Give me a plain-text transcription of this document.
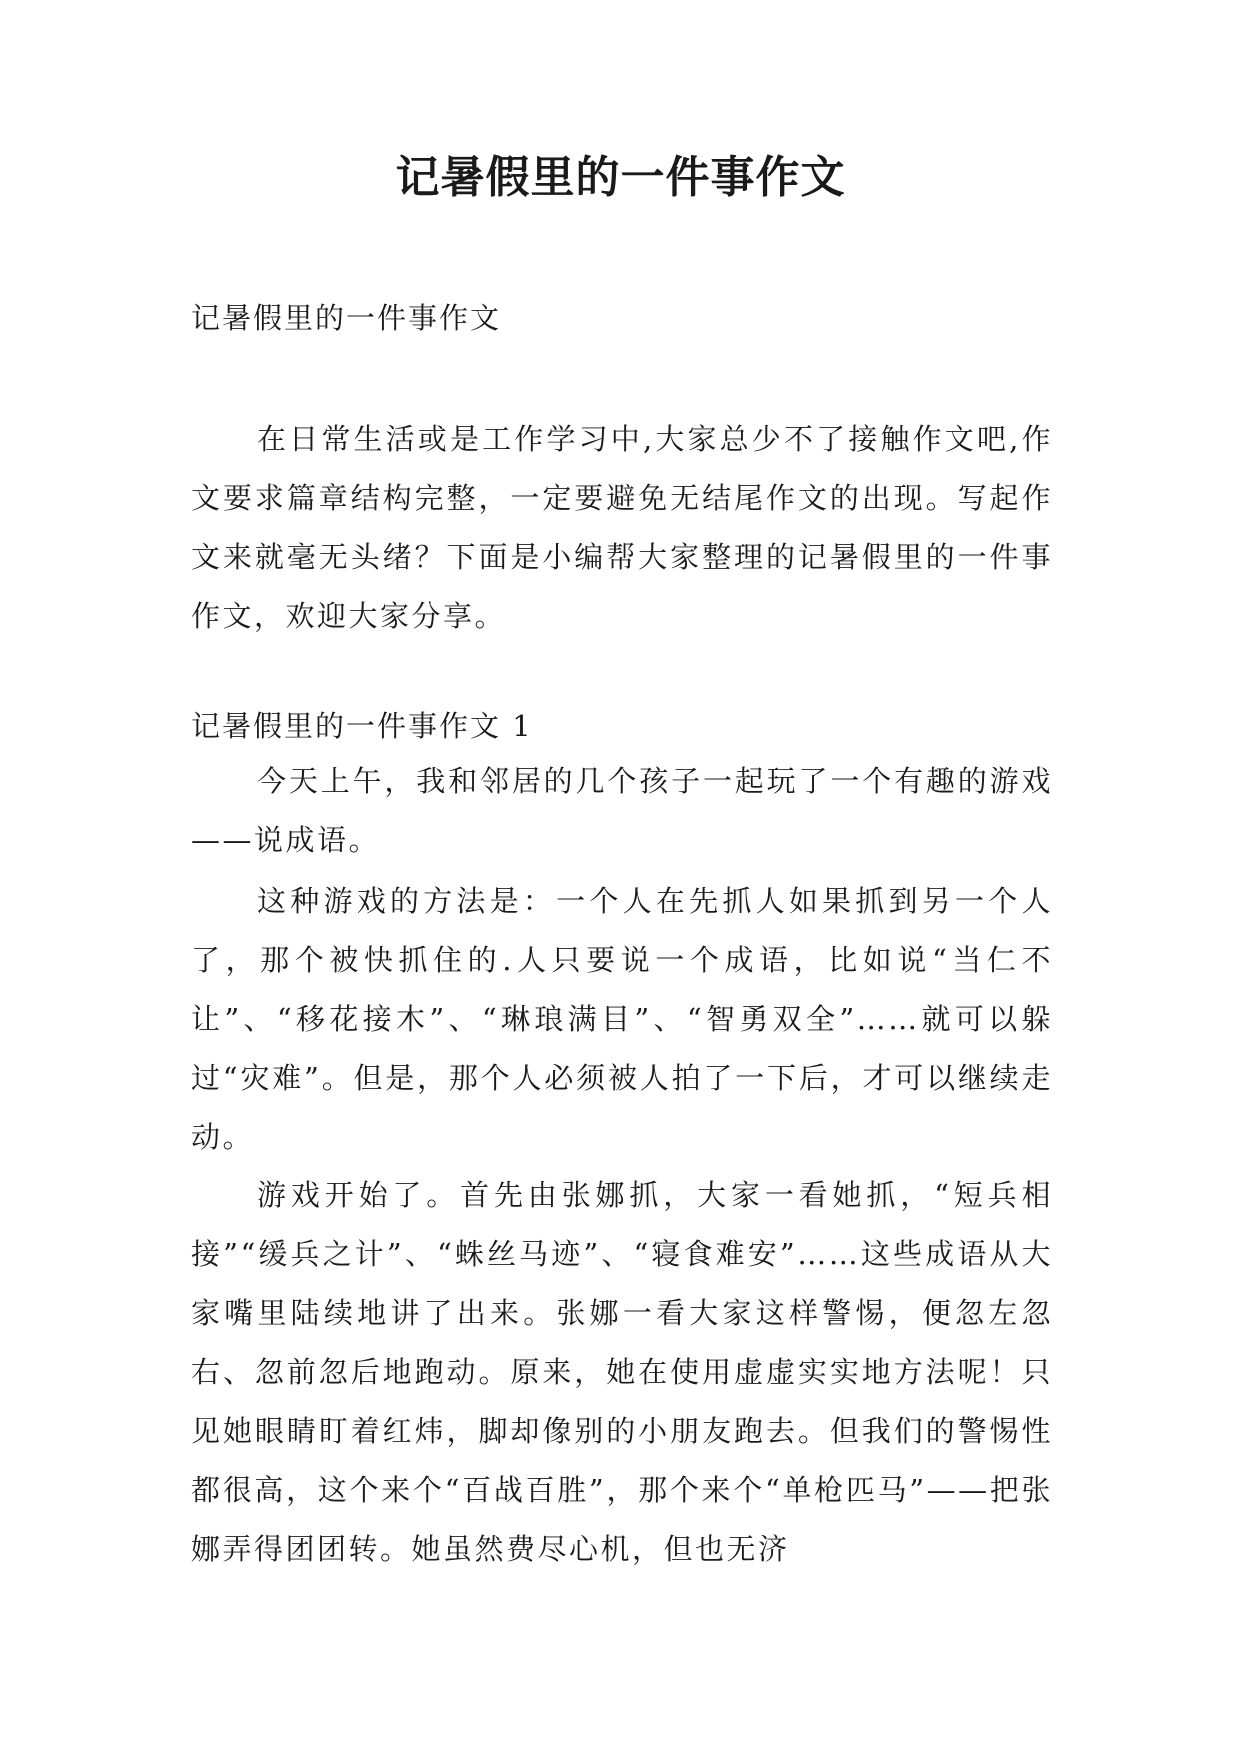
记暑假里的一件事作文

记暑假里的一件事作文

在日常生活或是工作学习中,大家总少不了接触作文吧,作文要求篇章结构完整，一定要避免无结尾作文的出现。写起作文来就毫无头绪？下面是小编帮大家整理的记暑假里的一件事作文，欢迎大家分享。

记暑假里的一件事作文 1

今天上午，我和邻居的几个孩子一起玩了一个有趣的游戏——说成语。

这种游戏的方法是：一个人在先抓人如果抓到另一个人了，那个被快抓住的.人只要说一个成语，比如说“当仁不让”、“移花接木”、“琳琅满目”、“智勇双全”……就可以躲过“灾难”。但是，那个人必须被人拍了一下后，才可以继续走动。

游戏开始了。首先由张娜抓，大家一看她抓，“短兵相接”“缓兵之计”、“蛛丝马迹”、“寝食难安”……这些成语从大家嘴里陆续地讲了出来。张娜一看大家这样警惕，便忽左忽右、忽前忽后地跑动。原来，她在使用虚虚实实地方法呢！只见她眼睛盯着红炜，脚却像别的小朋友跑去。但我们的警惕性都很高，这个来个“百战百胜”，那个来个“单枪匹马”——把张娜弄得团团转。她虽然费尽心机，但也无济
